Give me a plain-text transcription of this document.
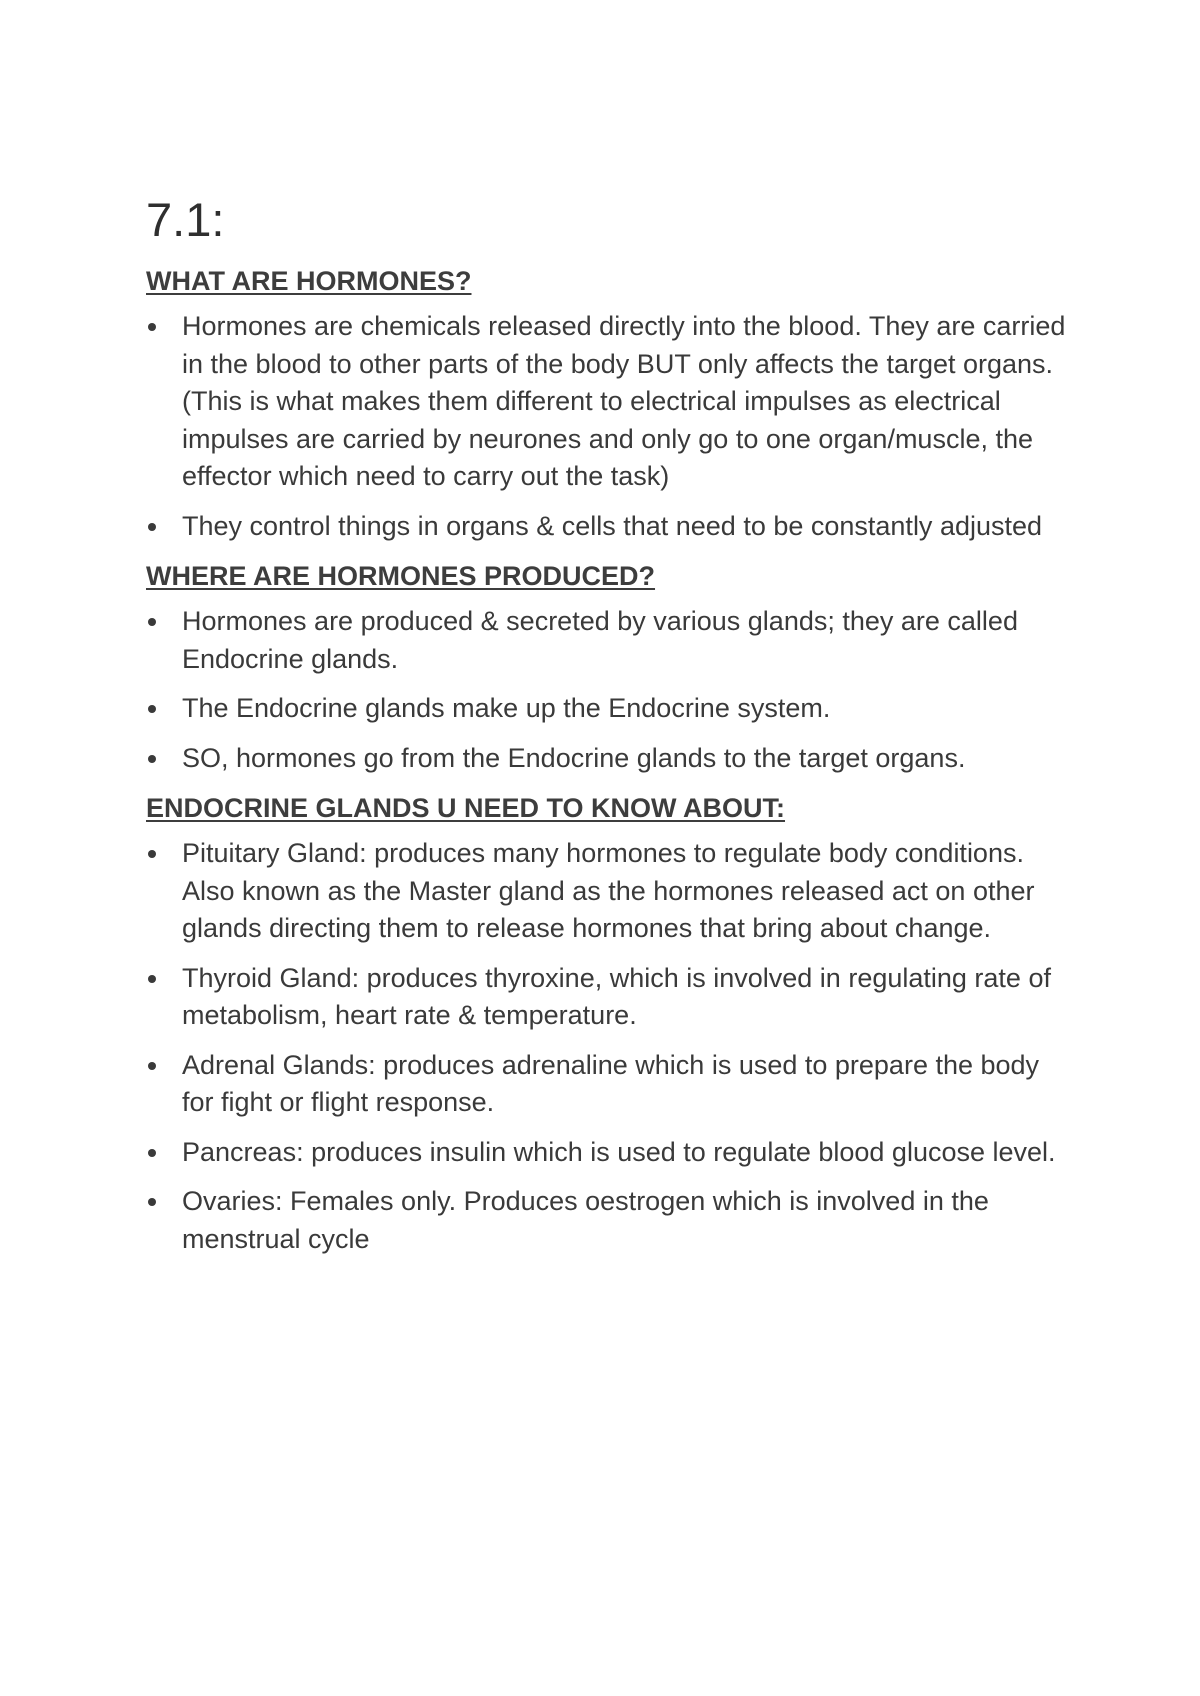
7.1:
WHAT ARE HORMONES?
Hormones are chemicals released directly into the blood. They are carried in the blood to other parts of the body BUT only affects the target organs. (This is what makes them different to electrical impulses as electrical impulses are carried by neurones and only go to one organ/muscle, the effector which need to carry out the task)
They control things in organs & cells that need to be constantly adjusted
WHERE ARE HORMONES PRODUCED?
Hormones are produced & secreted by various glands; they are called Endocrine glands.
The Endocrine glands make up the Endocrine system.
SO, hormones go from the Endocrine glands to the target organs.
ENDOCRINE GLANDS U NEED TO KNOW ABOUT:
Pituitary Gland: produces many hormones to regulate body conditions. Also known as the Master gland as the hormones released act on other glands directing them to release hormones that bring about change.
Thyroid Gland: produces thyroxine, which is involved in regulating rate of metabolism, heart rate & temperature.
Adrenal Glands: produces adrenaline which is used to prepare the body for fight or flight response.
Pancreas: produces insulin which is used to regulate blood glucose level.
Ovaries: Females only. Produces oestrogen which is involved in the menstrual cycle
